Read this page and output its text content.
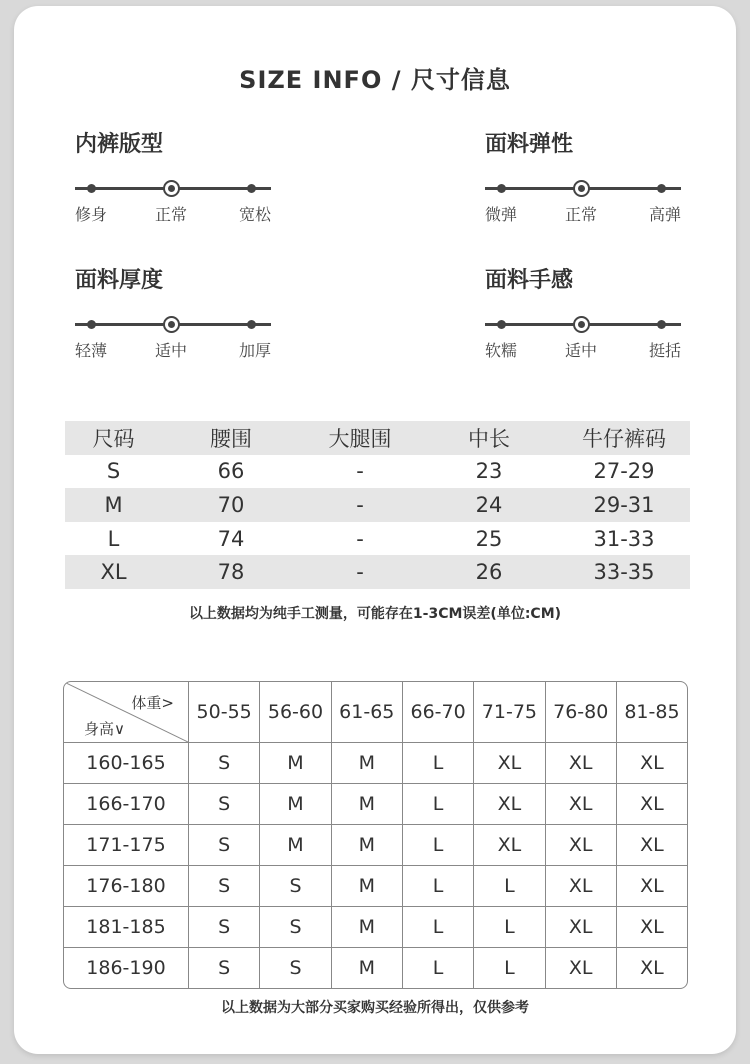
SIZE INFO / 尺寸信息
内裤版型
修身	正常	宽松
面料弹性
微弹	正常	高弹
面料厚度
轻薄	适中	加厚
面料手感
软糯	适中	挺括
尺码	腰围	大腿围	中长	牛仔裤码
S	66	-	23	27-29
M	70	-	24	29-31
L	74	-	25	31-33
XL	78	-	26	33-35
以上数据均为纯手工测量，可能存在1-3CM误差(单位:CM)
体重>
身高∨	50-55	56-60	61-65	66-70	71-75	76-80	81-85
160-165	S	M	M	L	XL	XL	XL
166-170	S	M	M	L	XL	XL	XL
171-175	S	M	M	L	XL	XL	XL
176-180	S	S	M	L	L	XL	XL
181-185	S	S	M	L	L	XL	XL
186-190	S	S	M	L	L	XL	XL
以上数据为大部分买家购买经验所得出，仅供参考
